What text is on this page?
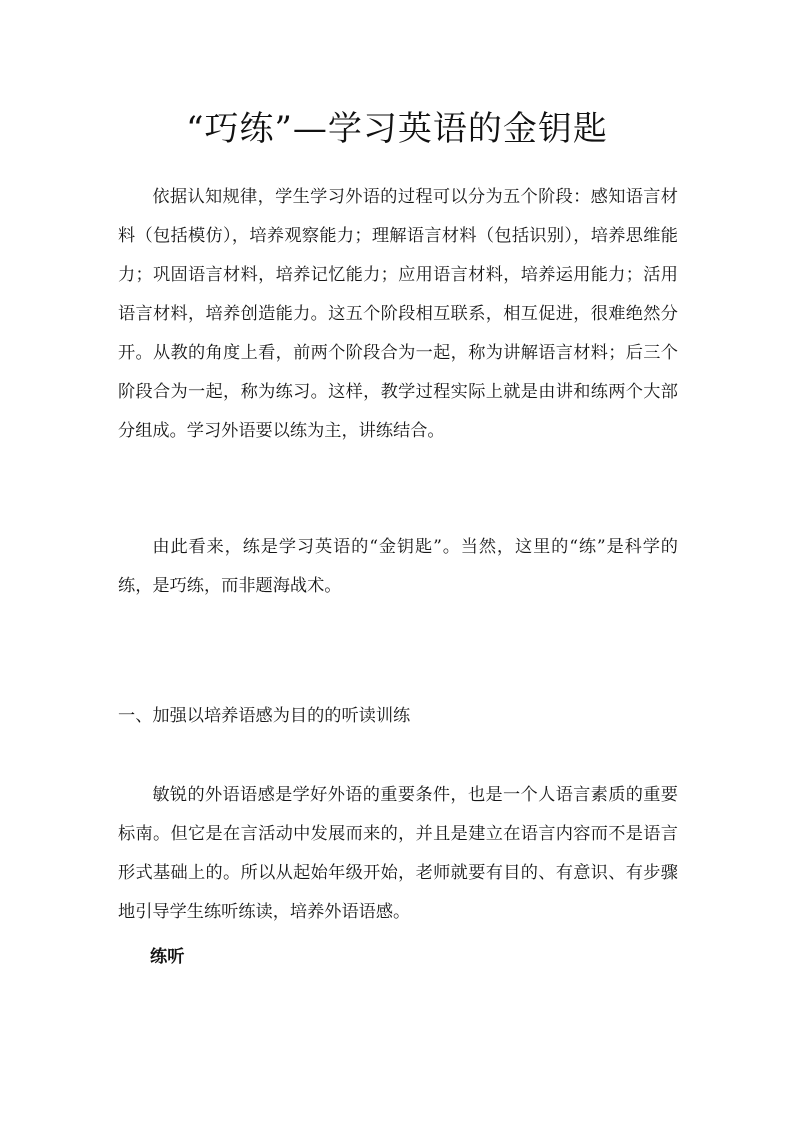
“巧练”—学习英语的金钥匙

依据认知规律，学生学习外语的过程可以分为五个阶段：感知语言材料（包括模仿），培养观察能力；理解语言材料（包括识别），培养思维能力；巩固语言材料，培养记忆能力；应用语言材料，培养运用能力；活用语言材料，培养创造能力。这五个阶段相互联系，相互促进，很难绝然分开。从教的角度上看，前两个阶段合为一起，称为讲解语言材料；后三个阶段合为一起，称为练习。这样，教学过程实际上就是由讲和练两个大部分组成。学习外语要以练为主，讲练结合。

由此看来，练是学习英语的“金钥匙”。当然，这里的“练”是科学的练，是巧练，而非题海战术。

一、加强以培养语感为目的的听读训练

敏锐的外语语感是学好外语的重要条件，也是一个人语言素质的重要标南。但它是在言活动中发展而来的，并且是建立在语言内容而不是语言形式基础上的。所以从起始年级开始，老师就要有目的、有意识、有步骤地引导学生练听练读，培养外语语感。

练听
